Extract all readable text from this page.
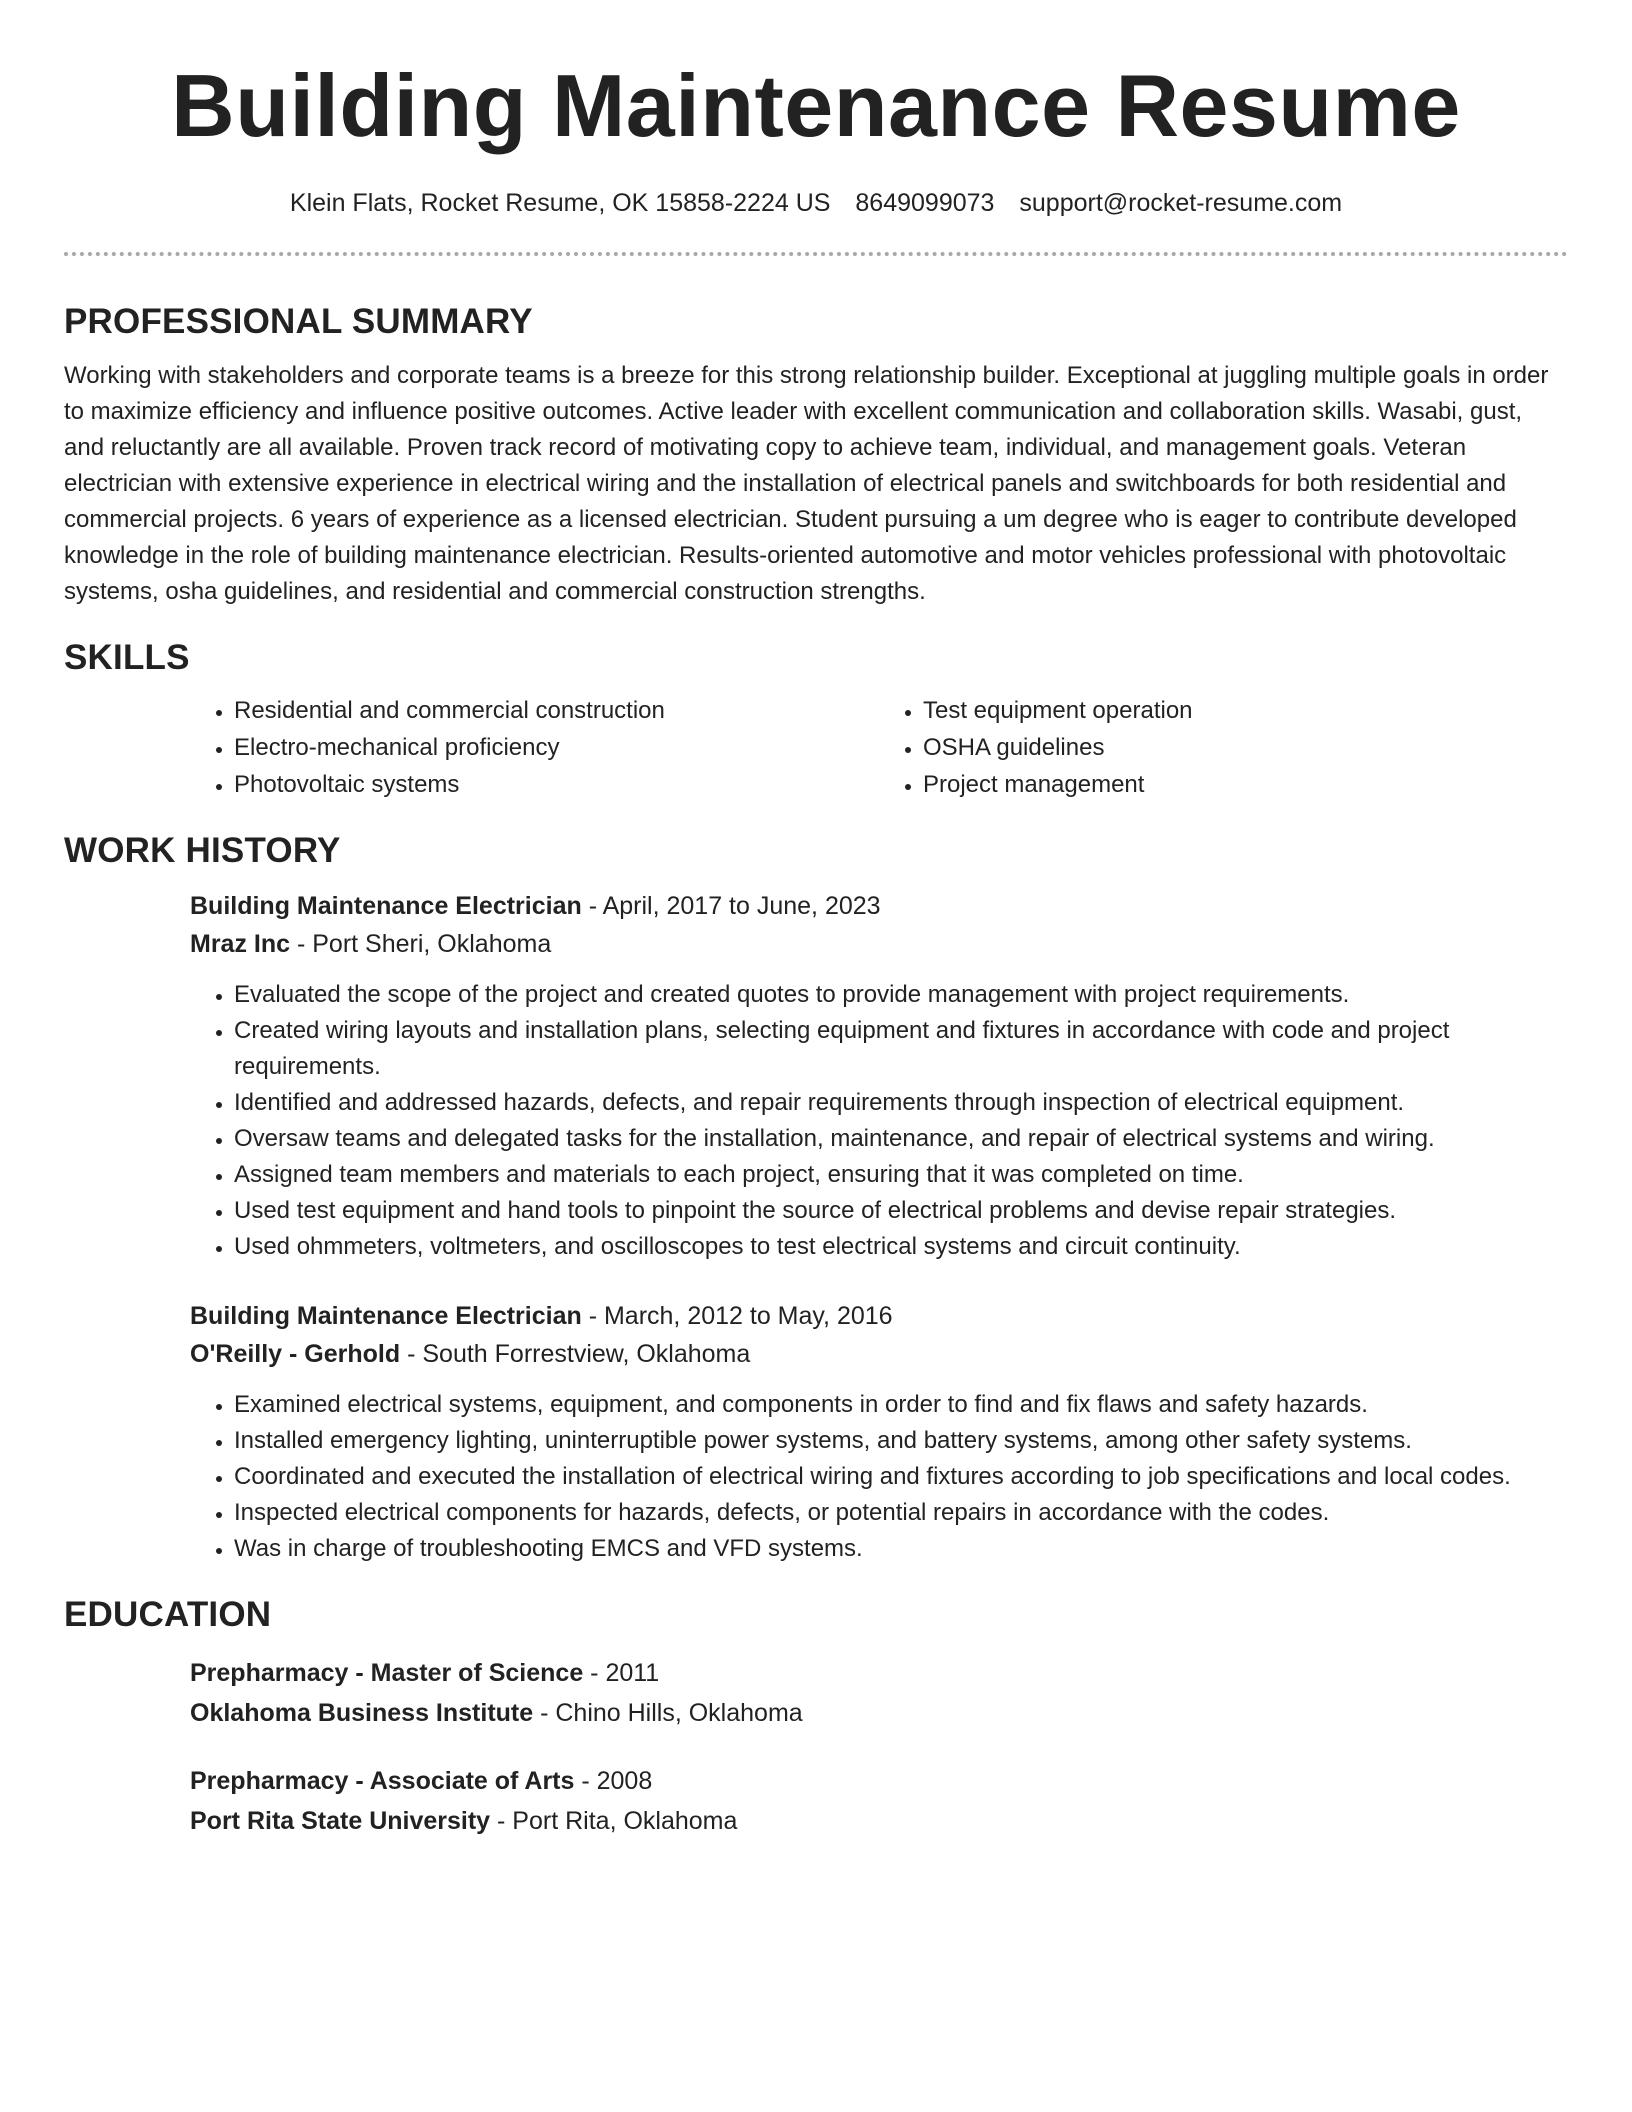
Building Maintenance Resume
Klein Flats, Rocket Resume, OK 15858-2224 US 8649099073 support@rocket-resume.com
PROFESSIONAL SUMMARY

Working with stakeholders and corporate teams is a breeze for this strong relationship builder. Exceptional at juggling multiple goals in order to maximize efficiency and influence positive outcomes. Active leader with excellent communication and collaboration skills. Wasabi, gust, and reluctantly are all available. Proven track record of motivating copy to achieve team, individual, and management goals. Veteran electrician with extensive experience in electrical wiring and the installation of electrical panels and switchboards for both residential and commercial projects. 6 years of experience as a licensed electrician. Student pursuing a um degree who is eager to contribute developed knowledge in the role of building maintenance electrician. Results-oriented automotive and motor vehicles professional with photovoltaic systems, osha guidelines, and residential and commercial construction strengths.

SKILLS
• Residential and commercial construction
• Electro-mechanical proficiency
• Photovoltaic systems
• Test equipment operation
• OSHA guidelines
• Project management
WORK HISTORY
Building Maintenance Electrician - April, 2017 to June, 2023
Mraz Inc - Port Sheri, Oklahoma
• Evaluated the scope of the project and created quotes to provide management with project requirements.
• Created wiring layouts and installation plans, selecting equipment and fixtures in accordance with code and project requirements.
• Identified and addressed hazards, defects, and repair requirements through inspection of electrical equipment.
• Oversaw teams and delegated tasks for the installation, maintenance, and repair of electrical systems and wiring.
• Assigned team members and materials to each project, ensuring that it was completed on time.
• Used test equipment and hand tools to pinpoint the source of electrical problems and devise repair strategies.
• Used ohmmeters, voltmeters, and oscilloscopes to test electrical systems and circuit continuity.
Building Maintenance Electrician - March, 2012 to May, 2016
O'Reilly - Gerhold - South Forrestview, Oklahoma
• Examined electrical systems, equipment, and components in order to find and fix flaws and safety hazards.
• Installed emergency lighting, uninterruptible power systems, and battery systems, among other safety systems.
• Coordinated and executed the installation of electrical wiring and fixtures according to job specifications and local codes.
• Inspected electrical components for hazards, defects, or potential repairs in accordance with the codes.
• Was in charge of troubleshooting EMCS and VFD systems.
EDUCATION
Prepharmacy - Master of Science - 2011
Oklahoma Business Institute - Chino Hills, Oklahoma
Prepharmacy - Associate of Arts - 2008
Port Rita State University - Port Rita, Oklahoma
